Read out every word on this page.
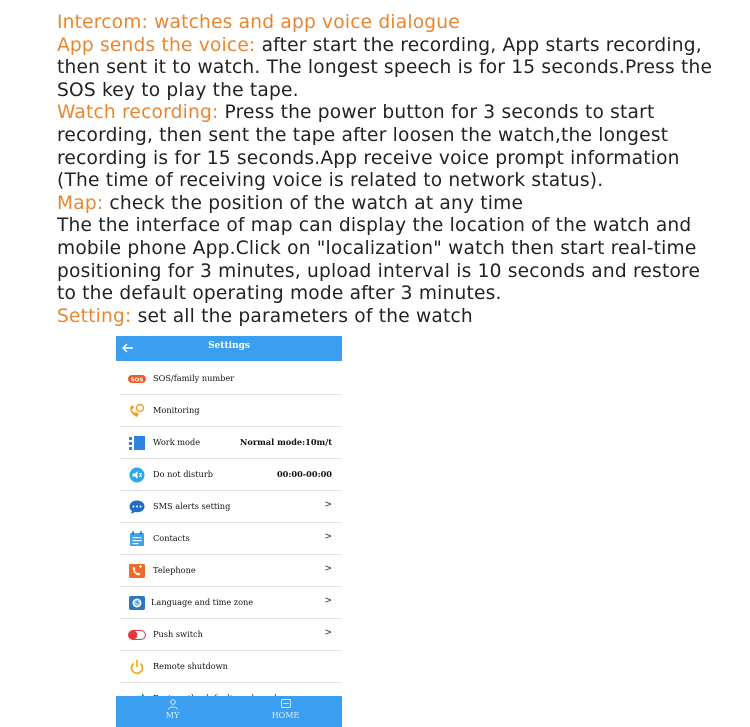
Intercom: watches and app voice dialogue

App sends the voice: after start the recording, App starts recording,

then sent it to watch. The longest speech is for 15 seconds.Press the

SOS key to play the tape.

Watch recording: Press the power button for 3 seconds to start

recording, then sent the tape after loosen the watch,the longest

recording is for 15 seconds.App receive voice prompt information

(The time of receiving voice is related to network status).

Map: check the position of the watch at any time

The the interface of map can display the location of the watch and

mobile phone App.Click on "localization" watch then start real-time

positioning for 3 minutes, upload interval is 10 seconds and restore

to the default operating mode after 3 minutes.

Setting: set all the parameters of the watch

Settings
SOS SOS/family number
Monitoring
Work mode	Normal mode:10m/t
Do not disturb	00:00-00:00
SMS alerts setting	>
Contacts	>
Telephone	>
Language and time zone	>
Push switch	>
Remote shutdown
MY	HOME
